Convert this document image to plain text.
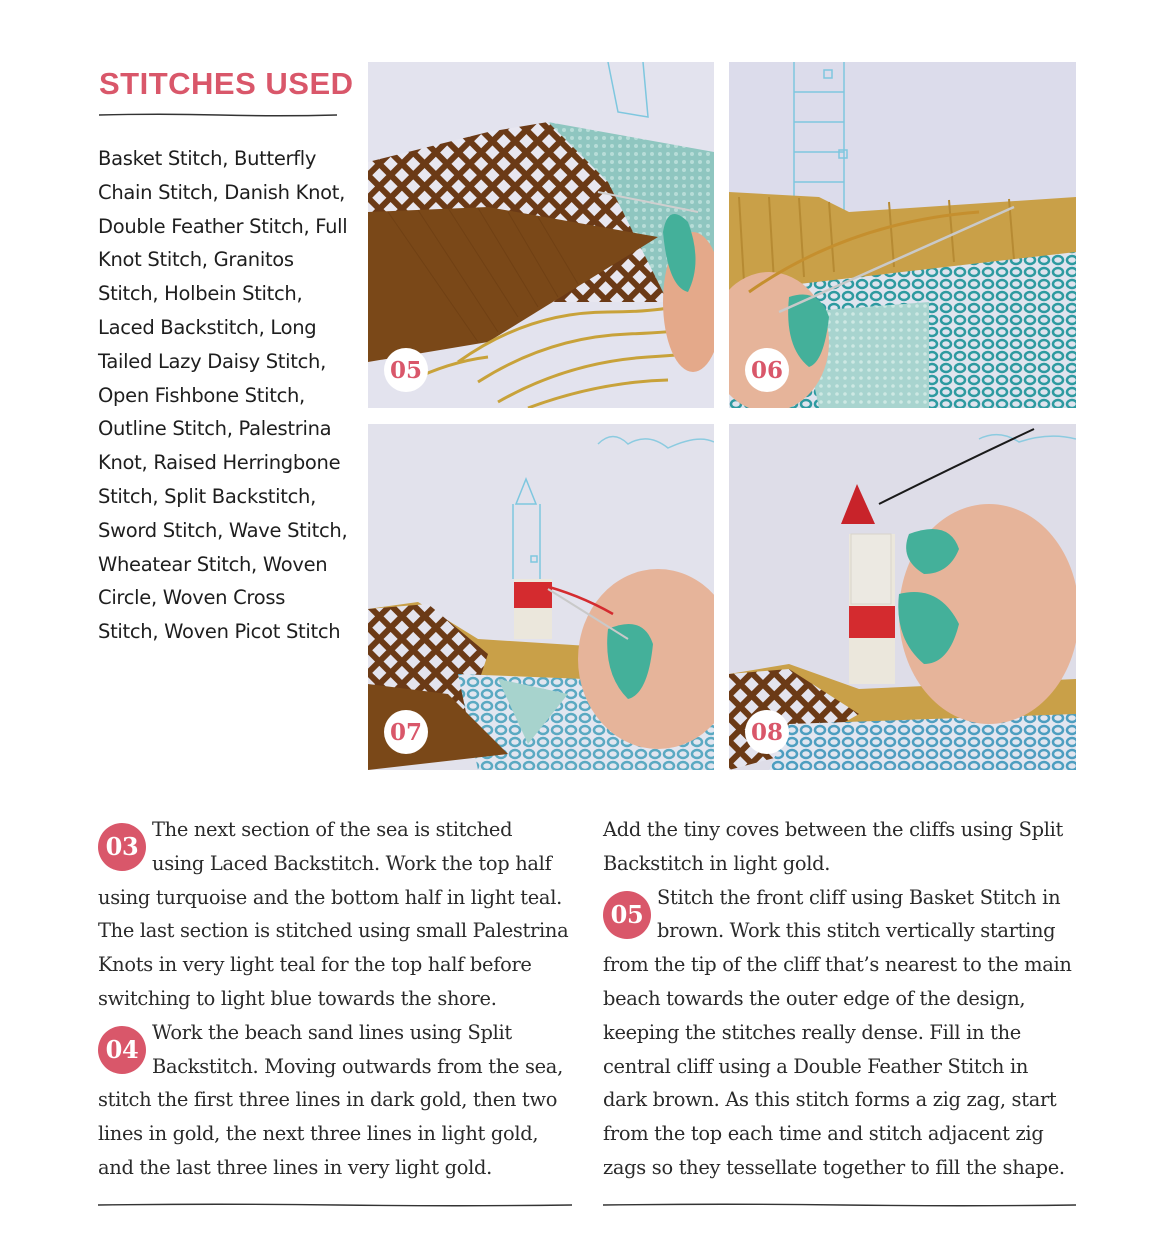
STITCHES USED
Basket Stitch, Butterfly Chain Stitch, Danish Knot, Double Feather Stitch, Full Knot Stitch, Granitos Stitch, Holbein Stitch, Laced Backstitch, Long Tailed Lazy Daisy Stitch, Open Fishbone Stitch, Outline Stitch, Palestrina Knot, Raised Herringbone Stitch, Split Backstitch, Sword Stitch, Wave Stitch, Wheatear Stitch, Woven Circle, Woven Cross Stitch, Woven Picot Stitch
05	06
07	08
03

The next section of the sea is stitched using Laced Backstitch. Work the top half using turquoise and the bottom half in light teal. The last section is stitched using small Palestrina Knots in very light teal for the top half before switching to light blue towards the shore.

04

Work the beach sand lines using Split Backstitch. Moving outwards from the sea, stitch the first three lines in dark gold, then two lines in gold, the next three lines in light gold, and the last three lines in very light gold.

Add the tiny coves between the cliffs using Split Backstitch in light gold.

05

Stitch the front cliff using Basket Stitch in brown. Work this stitch vertically starting from the tip of the cliff that’s nearest to the main beach towards the outer edge of the design, keeping the stitches really dense. Fill in the central cliff using a Double Feather Stitch in dark brown. As this stitch forms a zig zag, start from the top each time and stitch adjacent zig zags so they tessellate together to fill the shape.
